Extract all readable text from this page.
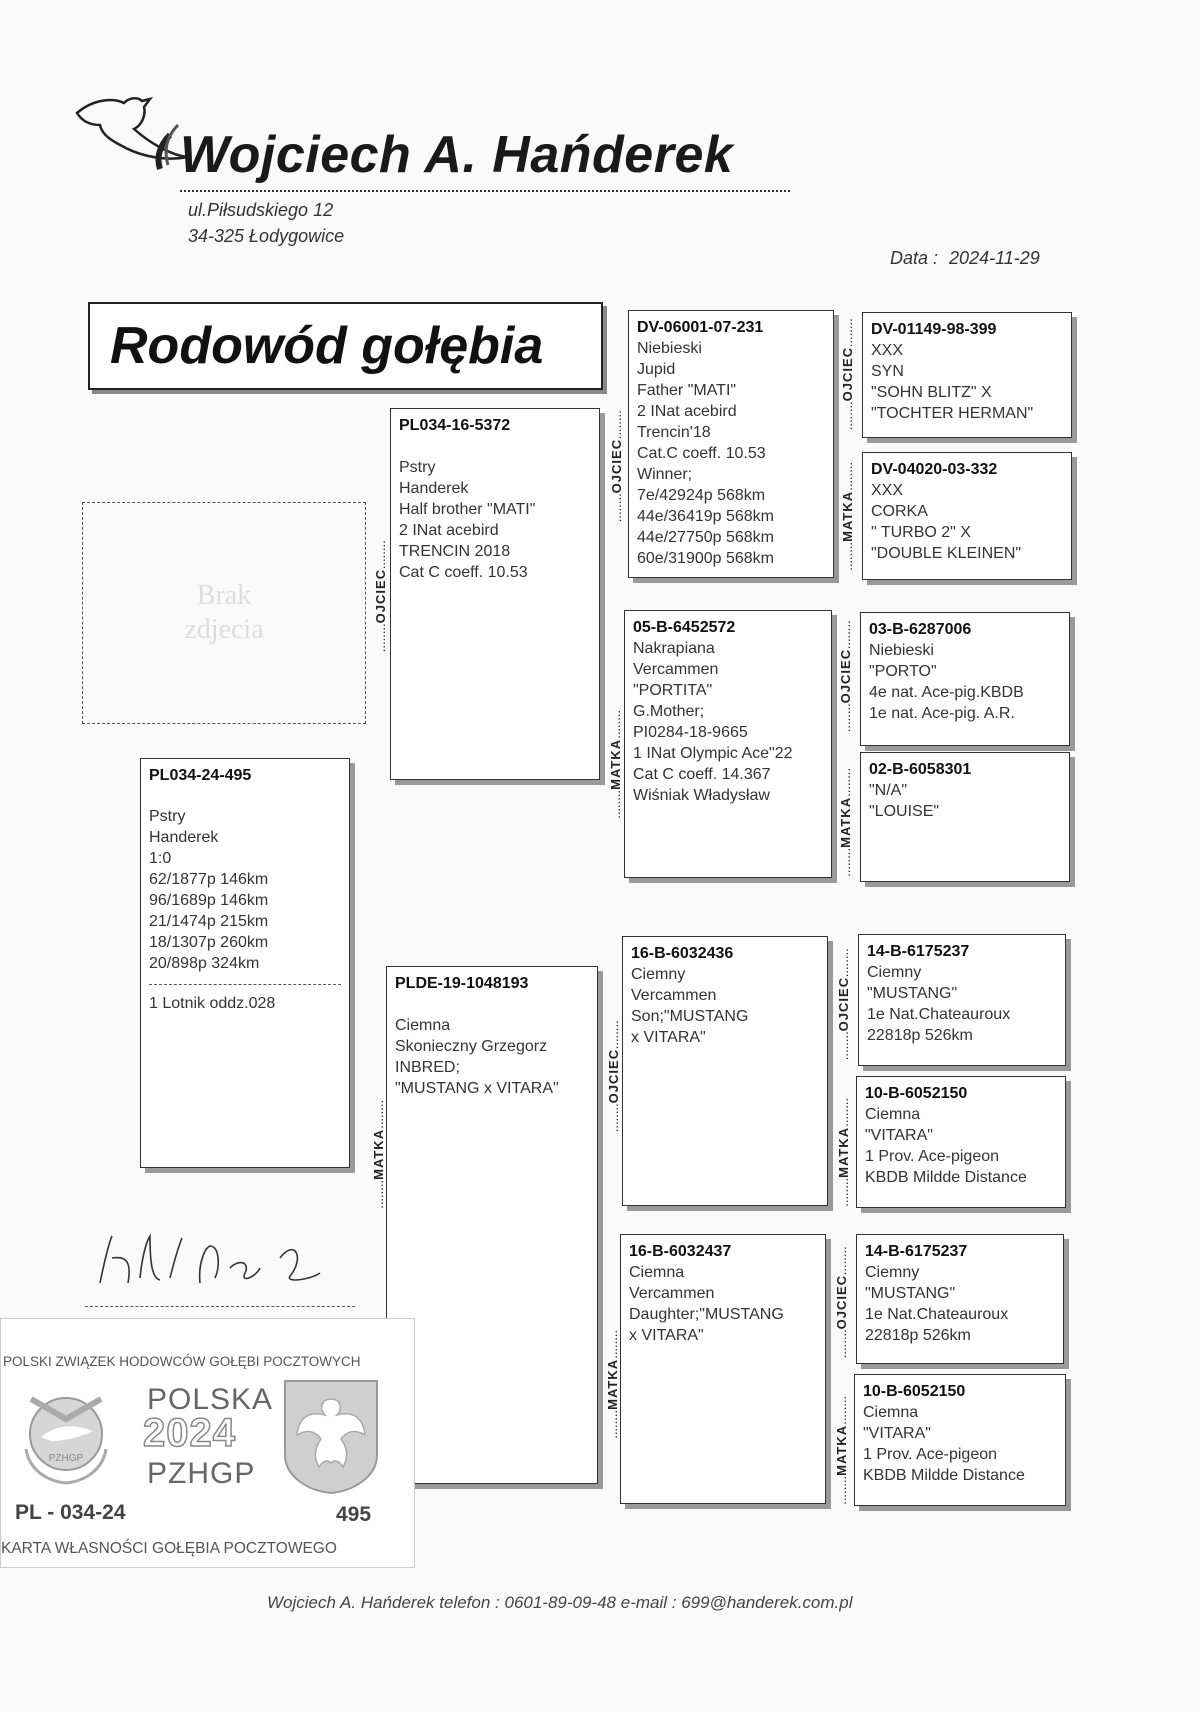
Wojciech A. Hańderek
ul.Piłsudskiego 12
34-325 Łodygowice
Data : 2024-11-29
Rodowód gołębia
Brak
zdjecia
PL034-24-495
Pstry
Handerek
1:0
62/1877p 146km
96/1689p 146km
21/1474p 215km
18/1307p 260km
20/898p 324km
1 Lotnik oddz.028
........ OJCIEC ........
........ MATKA ........
PL034-16-5372
Pstry
Handerek
Half brother "MATI"
2 INat acebird
TRENCIN 2018
Cat C coeff. 10.53
PLDE-19-1048193
Ciemna
Skonieczny Grzegorz
INBRED;
"MUSTANG x VITARA"
........ OJCIEC ........
........ MATKA ........
........ OJCIEC ........
........ MATKA ........
DV-06001-07-231
Niebieski
Jupid
Father "MATI"
2 INat acebird
Trencin'18
Cat.C coeff. 10.53
Winner;
7e/42924p 568km
44e/36419p 568km
44e/27750p 568km
60e/31900p 568km
05-B-6452572
Nakrapiana
Vercammen
"PORTITA"
G.Mother;
PI0284-18-9665
1 INat Olympic Ace"22
Cat C coeff. 14.367
Wiśniak Władysław
16-B-6032436
Ciemny
Vercammen
Son;"MUSTANG
x VITARA"
16-B-6032437
Ciemna
Vercammen
Daughter;"MUSTANG
x VITARA"
........ OJCIEC ........
........ MATKA ........
........ OJCIEC ........
........ MATKA ........
........ OJCIEC ........
........ MATKA ........
........ OJCIEC ........
........ MATKA ........
DV-01149-98-399
XXX
SYN
"SOHN BLITZ" X
"TOCHTER HERMAN"
DV-04020-03-332
XXX
CORKA
" TURBO 2" X
"DOUBLE KLEINEN"
03-B-6287006
Niebieski
"PORTO"
4e nat. Ace-pig.KBDB
1e nat. Ace-pig. A.R.
02-B-6058301
"N/A"
"LOUISE"
14-B-6175237
Ciemny
"MUSTANG"
1e Nat.Chateauroux
22818p 526km
10-B-6052150
Ciemna
"VITARA"
1 Prov. Ace-pigeon
KBDB Mildde Distance
14-B-6175237
Ciemny
"MUSTANG"
1e Nat.Chateauroux
22818p 526km
10-B-6052150
Ciemna
"VITARA"
1 Prov. Ace-pigeon
KBDB Mildde Distance
POLSKI ZWIĄZEK HODOWCÓW GOŁĘBI POCZTOWYCH
PZHGP
POLSKA
2024
PZHGP
PL - 034-24	495
KARTA WŁASNOŚCI GOŁĘBIA POCZTOWEGO
Wojciech A. Hańderek telefon : 0601-89-09-48 e-mail : 699@handerek.com.pl
